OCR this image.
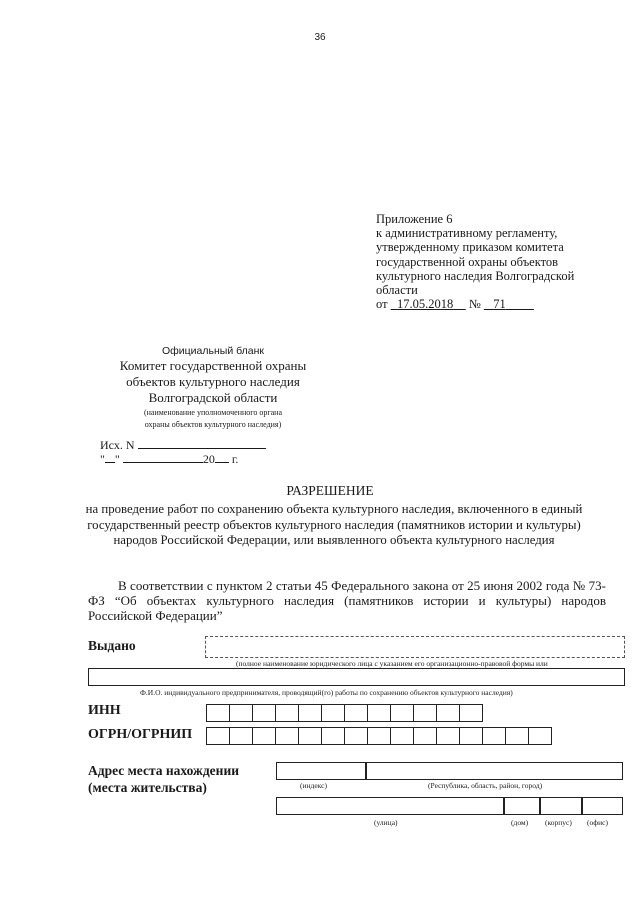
36
Приложение 6
к административному регламенту,
утвержденному приказом комитета
государственной охраны объектов
культурного наследия Волгоградской
области
от 17.05.2018 № 71
Официальный бланк
Комитет государственной охраны
объектов культурного наследия
Волгоградской области
(наименование уполномоченного органа
охраны объектов культурного наследия)
Исх. N
" "	20 г.
РАЗРЕШЕНИЕ
на проведение работ по сохранению объекта культурного наследия, включенного в единый государственный реестр объектов культурного наследия (памятников истории и культуры) народов Российской Федерации, или выявленного объекта культурного наследия
В соответствии с пунктом 2 статьи 45 Федерального закона от 25 июня 2002 года № 73-ФЗ “Об объектах культурного наследия (памятников истории и культуры) народов Российской Федерации”
Выдано
(полное наименование юридического лица с указанием его организационно-правовой формы или
Ф.И.О. индивидуального предпринимателя, проводящий(го) работы по сохранению объектов культурного наследия)
ИНН
ОГРН/ОГРНИП
Адрес места нахождении
(места жительства)	(индекс)	(Республика, область, район, город)
(улица)	(дом) (корпус) (офис)
